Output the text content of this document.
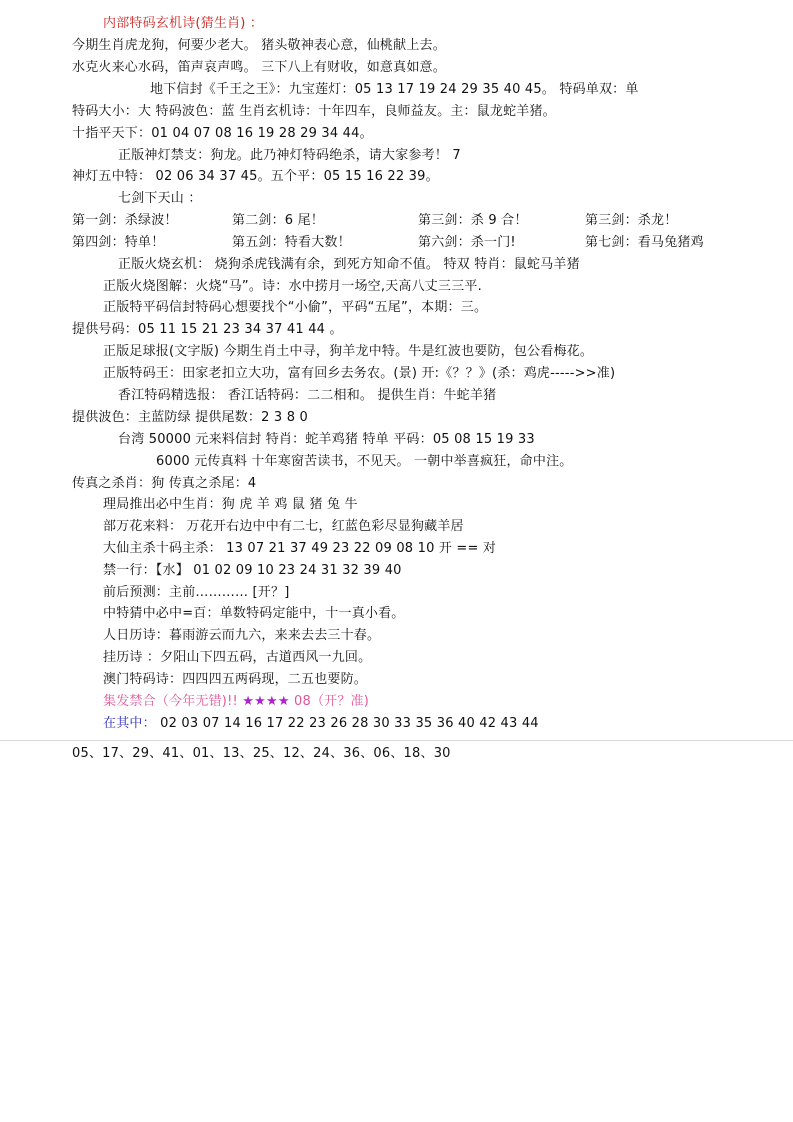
内部特码玄机诗(猜生肖) ：
今期生肖虎龙狗，何要少老大。 猪头敬神表心意，仙桃献上去。
水克火来心水码，笛声哀声鸣。 三下八上有财收，如意真如意。
地下信封《千王之王》：九宝莲灯：05 13 17 19 24 29 35 40 45。 特码单双：单
特码大小：大 特码波色：蓝 生肖玄机诗：十年四车，良师益友。主：鼠龙蛇羊猪。
十指平天下：01 04 07 08 16 19 28 29 34 44。
正版神灯禁支：狗龙。此乃神灯特码绝杀，请大家参考！ 7
神灯五中特： 02 06 34 37 45。五个平：05 15 16 22 39。
七剑下天山 ：
第一剑：杀绿波！	第二剑：6 尾！	第三剑：杀 9 合！	第三剑：杀龙！
第四剑：特单！	第五剑：特看大数！	第六剑：杀一门!	第七剑：看马兔猪鸡
正版火烧玄机： 烧狗杀虎钱满有余，到死方知命不值。 特双 特肖：鼠蛇马羊猪
正版火烧图解：火烧“马”。诗：水中捞月一场空,天高八丈三三平.
正版特平码信封特码心想要找个“小偷”，平码“五尾”，本期：三。
提供号码：05 11 15 21 23 34 37 41 44 。
正版足球报(文字版) 今期生肖土中寻，狗羊龙中特。牛是红波也要防，包公看梅花。
正版特码王：田家老扣立大功，富有回乡去务农。(景) 开:《？？》(杀：鸡虎----->>准)
香江特码精选报： 香江话特码：二二相和。 提供生肖：牛蛇羊猪
提供波色：主蓝防绿 提供尾数：2 3 8 0
台湾 50000 元来料信封 特肖：蛇羊鸡猪 特单 平码：05 08 15 19 33
6000 元传真料 十年寒窗苦读书，不见天。 一朝中举喜疯狂，命中注。
传真之杀肖：狗 传真之杀尾：4
理局推出必中生肖：狗 虎 羊 鸡 鼠 猪 兔 牛
部万花来料： 万花开右边中中有二七，红蓝色彩尽显狗藏羊居
大仙主杀十码主杀： 13 07 21 37 49 23 22 09 08 10 开 == 对
禁一行：【水】 01 02 09 10 23 24 31 32 39 40
前后预测：主前………… [开？]
中特猜中必中=百：单数特码定能中，十一真小看。
人日历诗：暮雨游云而九六，来来去去三十春。
挂历诗 ：夕阳山下四五码，古道西风一九回。
澳门特码诗：四四四五两码现，二五也要防。
集发禁合（今年无错)!! ★★★★ 08（开？准)
在其中： 02 03 07 14 16 17 22 23 26 28 30 33 35 36 40 42 43 44
05、17、29、41、01、13、25、12、24、36、06、18、30
